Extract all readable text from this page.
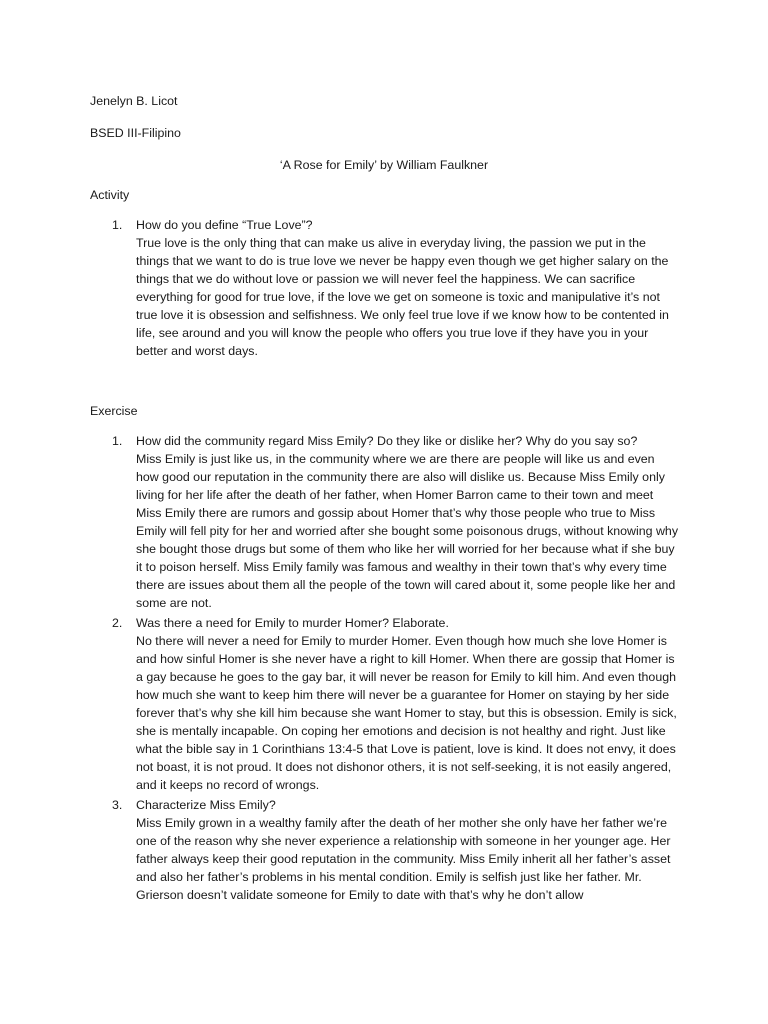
Jenelyn B. Licot

BSED III-Filipino

‘A Rose for Emily’ by William Faulkner

Activity

1.	How do you define “True Love”?
True love is the only thing that can make us alive in everyday living, the passion we put in the things that we want to do is true love we never be happy even though we get higher salary on the things that we do without love or passion we will never feel the happiness. We can sacrifice everything for good for true love, if the love we get on someone is toxic and manipulative it’s not true love it is obsession and selfishness. We only feel true love if we know how to be contented in life, see around and you will know the people who offers you true love if they have you in your better and worst days.

Exercise

1.	How did the community regard Miss Emily? Do they like or dislike her? Why do you say so?
Miss Emily is just like us, in the community where we are there are people will like us and even how good our reputation in the community there are also will dislike us. Because Miss Emily only living for her life after the death of her father, when Homer Barron came to their town and meet Miss Emily there are rumors and gossip about Homer that’s why those people who true to Miss Emily will fell pity for her and worried after she bought some poisonous drugs, without knowing why she bought those drugs but some of them who like her will worried for her because what if she buy it to poison herself. Miss Emily family was famous and wealthy in their town that’s why every time there are issues about them all the people of the town will cared about it, some people like her and some are not.
2.	Was there a need for Emily to murder Homer? Elaborate.
No there will never a need for Emily to murder Homer. Even though how much she love Homer is and how sinful Homer is she never have a right to kill Homer. When there are gossip that Homer is a gay because he goes to the gay bar, it will never be reason for Emily to kill him. And even though how much she want to keep him there will never be a guarantee for Homer on staying by her side forever that’s why she kill him because she want Homer to stay, but this is obsession. Emily is sick, she is mentally incapable. On coping her emotions and decision is not healthy and right. Just like what the bible say in 1 Corinthians 13:4-5 that Love is patient, love is kind. It does not envy, it does not boast, it is not proud. It does not dishonor others, it is not self-seeking, it is not easily angered, and it keeps no record of wrongs.
3.	Characterize Miss Emily?
Miss Emily grown in a wealthy family after the death of her mother she only have her father we’re one of the reason why she never experience a relationship with someone in her younger age. Her father always keep their good reputation in the community. Miss Emily inherit all her father’s asset and also her father’s problems in his mental condition. Emily is selfish just like her father. Mr. Grierson doesn’t validate someone for Emily to date with that’s why he don’t allow
